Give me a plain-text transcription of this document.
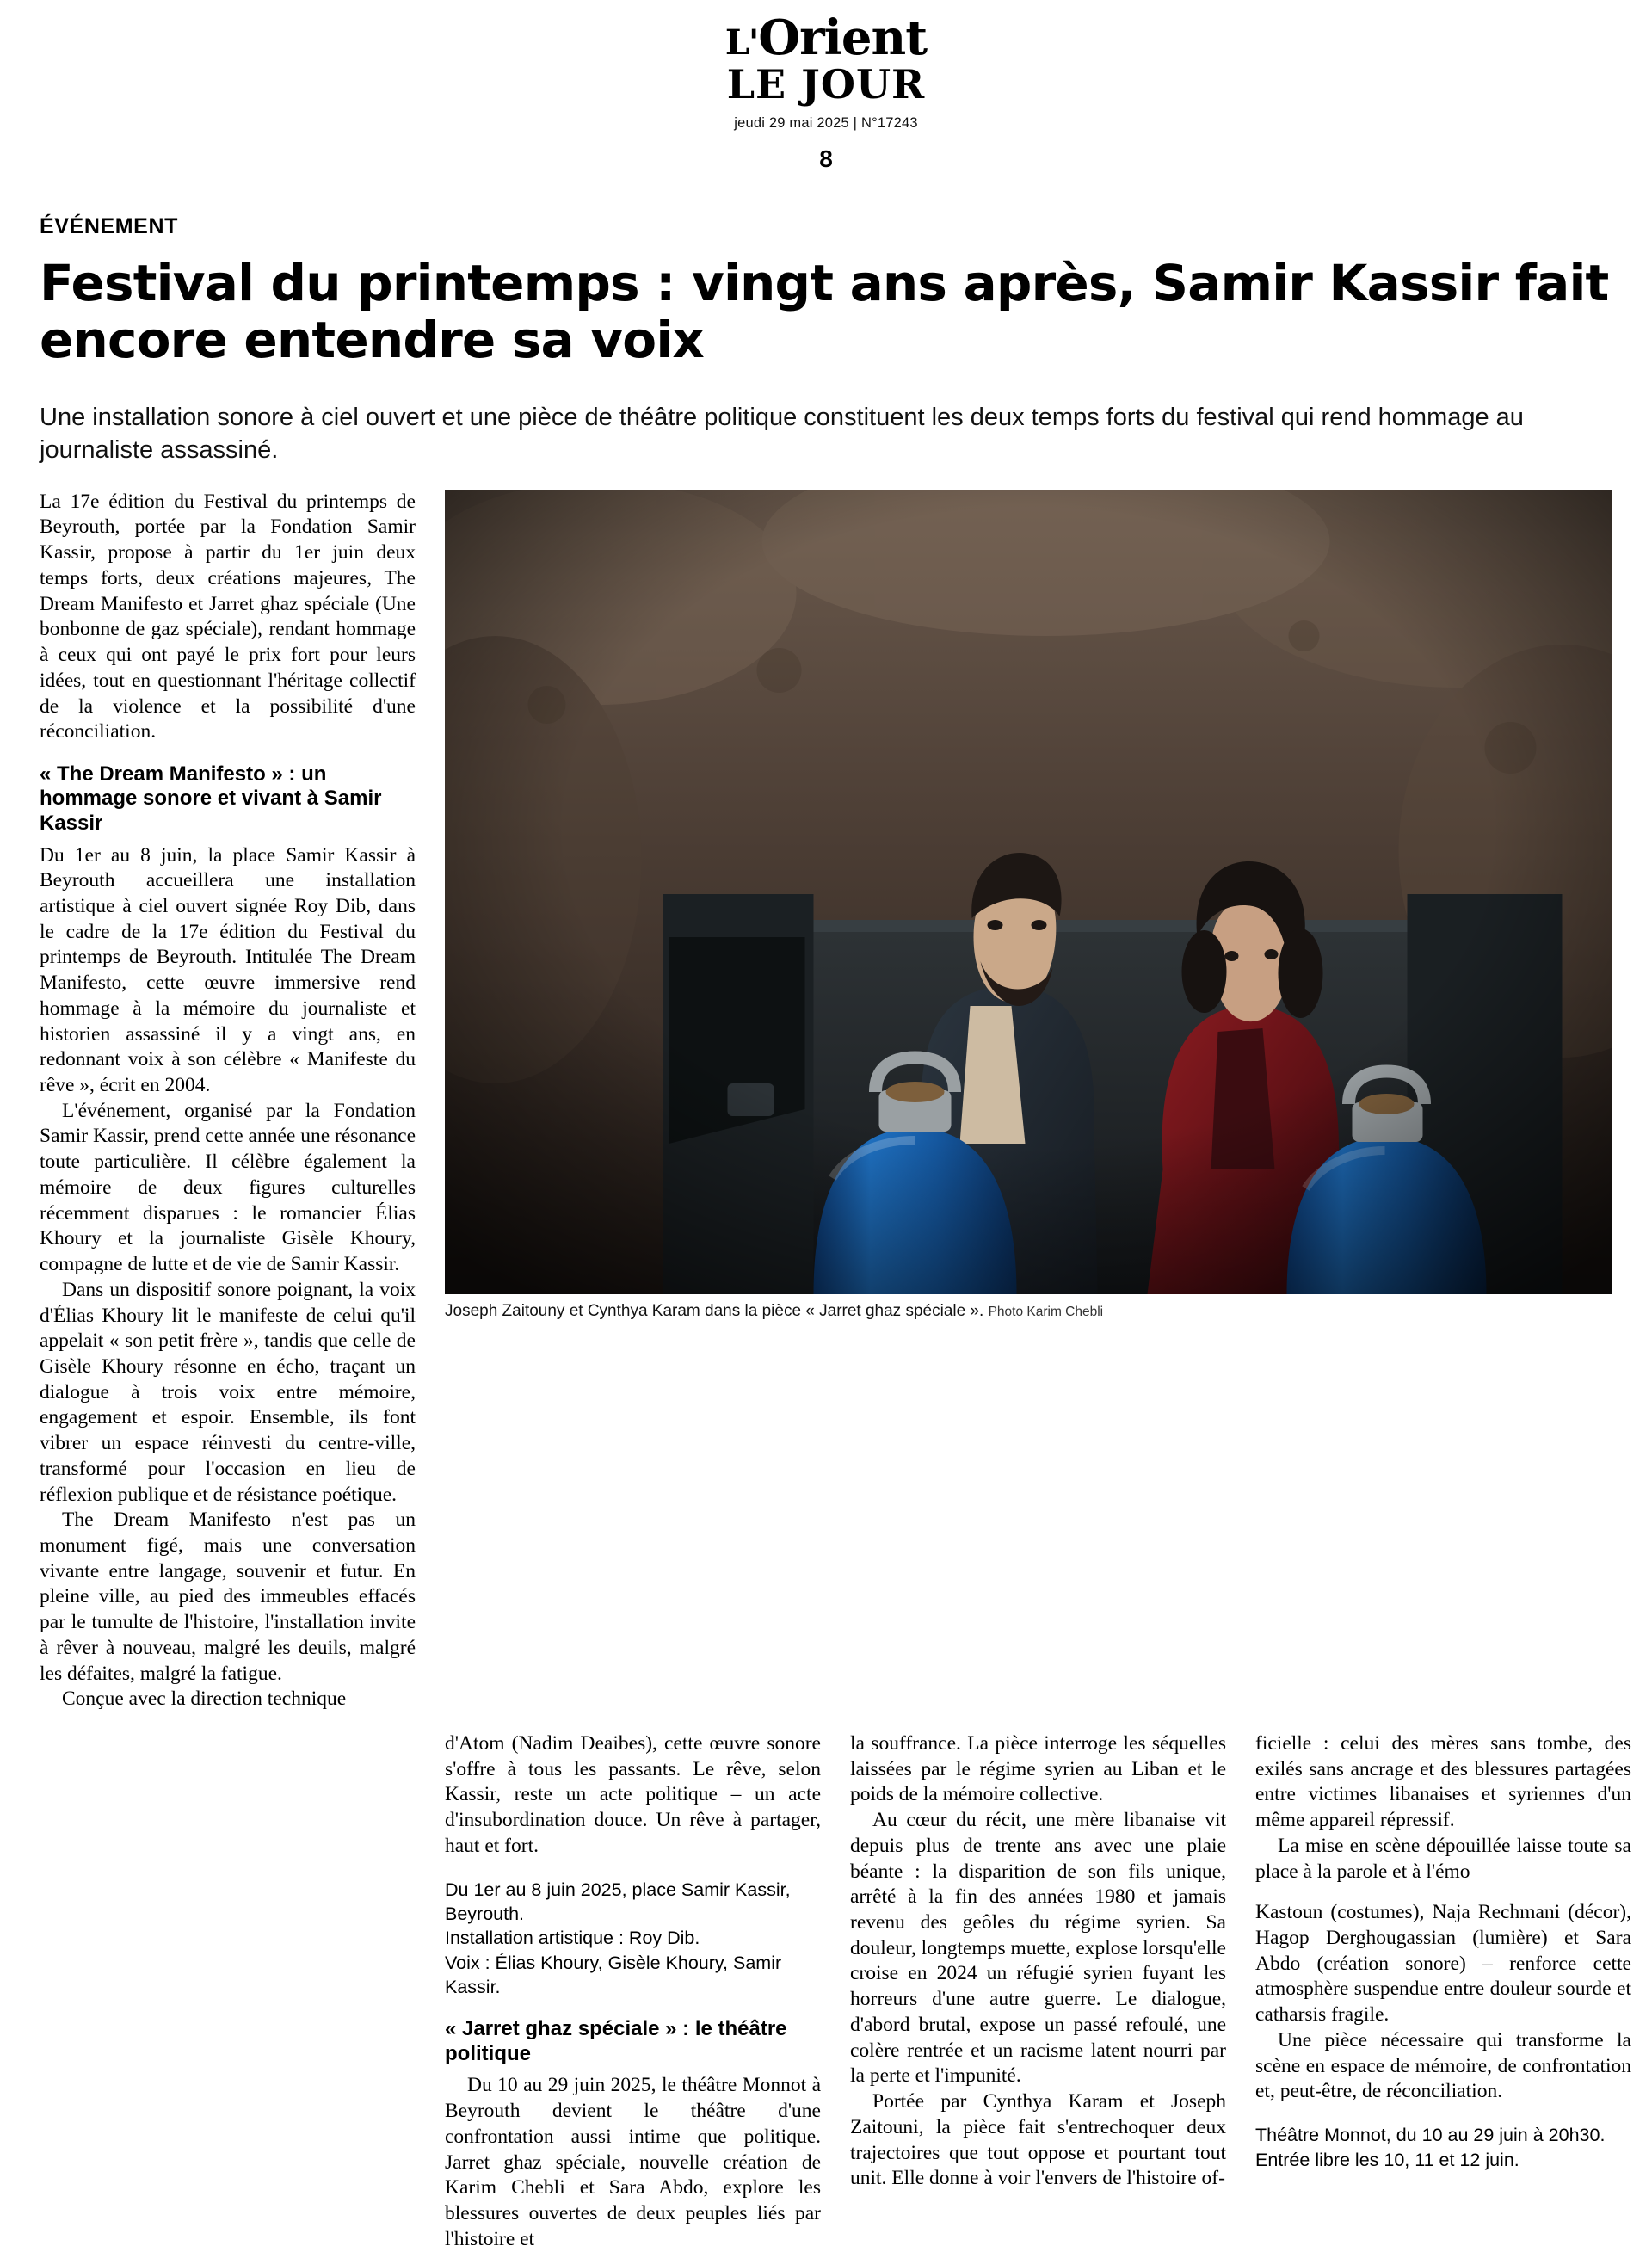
L'Orient
LE JOUR
jeudi 29 mai 2025 | N°17243
8
ÉVÉNEMENT
Festival du printemps : vingt ans après, Samir Kassir fait encore entendre sa voix
Une installation sonore à ciel ouvert et une pièce de théâtre politique constituent les deux temps forts du festival qui rend hommage au journaliste assassiné.

La 17e édition du Festival du printemps de Beyrouth, portée par la Fondation Samir Kassir, propose à partir du 1er juin deux temps forts, deux créations majeures, The Dream Manifesto et Jarret ghaz spéciale (Une bonbonne de gaz spéciale), rendant hommage à ceux qui ont payé le prix fort pour leurs idées, tout en questionnant l'héritage collectif de la violence et la possibilité d'une réconciliation.

« The Dream Manifesto » : un hommage sonore et vivant à Samir Kassir

Du 1er au 8 juin, la place Samir Kassir à Beyrouth accueillera une installation artistique à ciel ouvert signée Roy Dib, dans le cadre de la 17e édition du Festival du printemps de Beyrouth. Intitulée The Dream Manifesto, cette œuvre immersive rend hommage à la mémoire du journaliste et historien assassiné il y a vingt ans, en redonnant voix à son célèbre « Manifeste du rêve », écrit en 2004.

L'événement, organisé par la Fondation Samir Kassir, prend cette année une résonance toute particulière. Il célèbre également la mémoire de deux figures culturelles récemment disparues : le romancier Élias Khoury et la journaliste Gisèle Khoury, compagne de lutte et de vie de Samir Kassir.

Dans un dispositif sonore poignant, la voix d'Élias Khoury lit le manifeste de celui qu'il appelait « son petit frère », tandis que celle de Gisèle Khoury résonne en écho, traçant un dialogue à trois voix entre mémoire, engagement et espoir. Ensemble, ils font vibrer un espace réinvesti du centre-ville, transformé pour l'occasion en lieu de réflexion publique et de résistance poétique.

The Dream Manifesto n'est pas un monument figé, mais une conversation vivante entre langage, souvenir et futur. En pleine ville, au pied des immeubles effacés par le tumulte de l'histoire, l'installation invite à rêver à nouveau, malgré les deuils, malgré les défaites, malgré la fatigue.

Conçue avec la direction technique

Joseph Zaitouny et Cynthya Karam dans la pièce « Jarret ghaz spéciale ». Photo Karim Chebli

d'Atom (Nadim Deaibes), cette œuvre sonore s'offre à tous les passants. Le rêve, selon Kassir, reste un acte politique – un acte d'insubordination douce. Un rêve à partager, haut et fort.

Du 1er au 8 juin 2025, place Samir Kassir, Beyrouth.
Installation artistique : Roy Dib.
Voix : Élias Khoury, Gisèle Khoury, Samir Kassir.
« Jarret ghaz spéciale » : le théâtre politique

Du 10 au 29 juin 2025, le théâtre Monnot à Beyrouth devient le théâtre d'une confrontation aussi intime que politique. Jarret ghaz spéciale, nouvelle création de Karim Chebli et Sara Abdo, explore les blessures ouvertes de deux peuples liés par l'histoire et

la souffrance. La pièce interroge les séquelles laissées par le régime syrien au Liban et le poids de la mémoire collective.

Au cœur du récit, une mère libanaise vit depuis plus de trente ans avec une plaie béante : la disparition de son fils unique, arrêté à la fin des années 1980 et jamais revenu des geôles du régime syrien. Sa douleur, longtemps muette, explose lorsqu'elle croise en 2024 un réfugié syrien fuyant les horreurs d'une autre guerre. Le dialogue, d'abord brutal, expose un passé refoulé, une colère rentrée et un racisme latent nourri par la perte et l'impunité.

Portée par Cynthya Karam et Joseph Zaitouni, la pièce fait s'entrechoquer deux trajectoires que tout oppose et pourtant tout unit. Elle donne à voir l'envers de l'histoire of-

ficielle : celui des mères sans tombe, des exilés sans ancrage et des blessures partagées entre victimes libanaises et syriennes d'un même appareil répressif.

La mise en scène dépouillée laisse toute sa place à la parole et à l'émo

Kastoun (costumes), Naja Rechmani (décor), Hagop Derghougassian (lumière) et Sara Abdo (création sonore) – renforce cette atmosphère suspendue entre douleur sourde et catharsis fragile.

Une pièce nécessaire qui transforme la scène en espace de mémoire, de confrontation et, peut-être, de réconciliation.

Théâtre Monnot, du 10 au 29 juin à 20h30.
Entrée libre les 10, 11 et 12 juin.
